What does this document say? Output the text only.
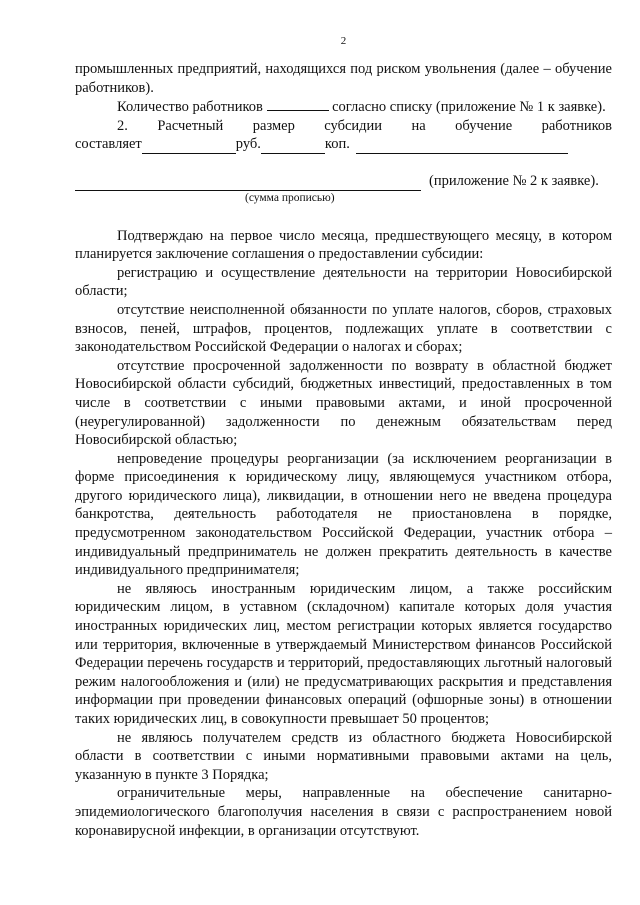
2

промышленных предприятий, находящихся под риском увольнения (далее – обучение работников).

Количество работников	согласно списку (приложение № 1 к заявке).

2. Расчетный размер субсидии на обучение работников

составляет	руб.	коп.
(приложение № 2 к заявке).
(сумма прописью)

Подтверждаю на первое число месяца, предшествующего месяцу, в котором планируется заключение соглашения о предоставлении субсидии:

регистрацию и осуществление деятельности на территории Новосибирской области;

отсутствие неисполненной обязанности по уплате налогов, сборов, страховых взносов, пеней, штрафов, процентов, подлежащих уплате в соответствии с законодательством Российской Федерации о налогах и сборах;

отсутствие просроченной задолженности по возврату в областной бюджет Новосибирской области субсидий, бюджетных инвестиций, предоставленных в том числе в соответствии с иными правовыми актами, и иной просроченной (неурегулированной) задолженности по денежным обязательствам перед Новосибирской областью;

непроведение процедуры реорганизации (за исключением реорганизации в форме присоединения к юридическому лицу, являющемуся участником отбора, другого юридического лица), ликвидации, в отношении него не введена процедура банкротства, деятельность работодателя не приостановлена в порядке, предусмотренном законодательством Российской Федерации, участник отбора – индивидуальный предприниматель не должен прекратить деятельность в качестве индивидуального предпринимателя;

не являюсь иностранным юридическим лицом, а также российским юридическим лицом, в уставном (складочном) капитале которых доля участия иностранных юридических лиц, местом регистрации которых является государство или территория, включенные в утверждаемый Министерством финансов Российской Федерации перечень государств и территорий, предоставляющих льготный налоговый режим налогообложения и (или) не предусматривающих раскрытия и представления информации при проведении финансовых операций (офшорные зоны) в отношении таких юридических лиц, в совокупности превышает 50 процентов;

не являюсь получателем средств из областного бюджета Новосибирской области в соответствии с иными нормативными правовыми актами на цель, указанную в пункте 3 Порядка;

ограничительные меры, направленные на обеспечение санитарно-эпидемиологического благополучия населения в связи с распространением новой коронавирусной инфекции, в организации отсутствуют.
